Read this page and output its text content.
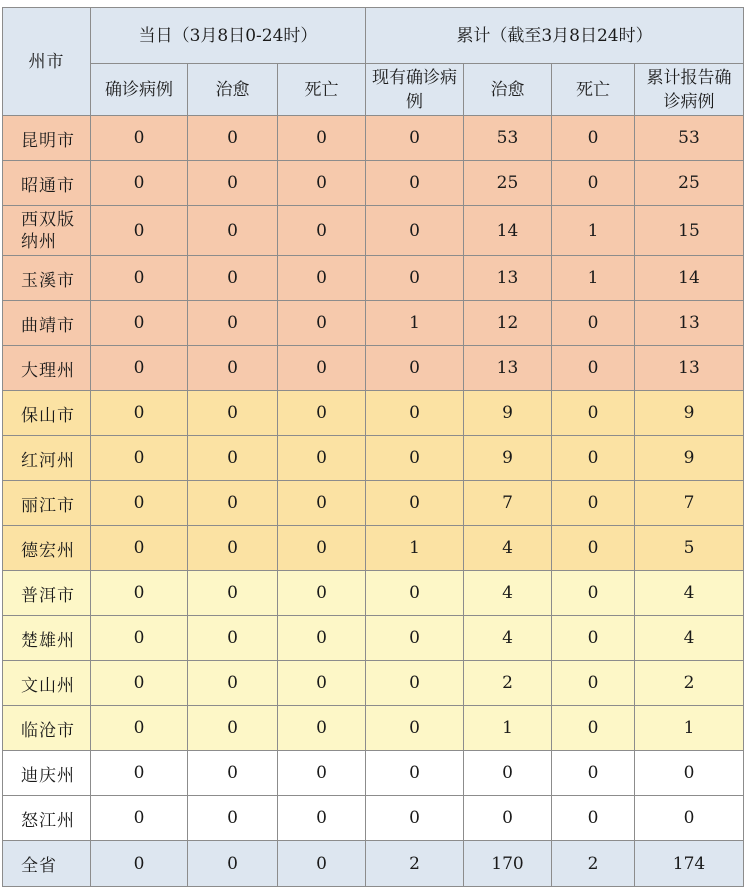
州市	当日（3月8日0-24时）			累计（截至3月8日24时）			
	确诊病例	治愈	死亡	现有确诊病例	治愈	死亡	累计报告确诊病例
昆明市	0	0	0	0	53	0	53
昭通市	0	0	0	0	25	0	25
西双版纳州	0	0	0	0	14	1	15
玉溪市	0	0	0	0	13	1	14
曲靖市	0	0	0	1	12	0	13
大理州	0	0	0	0	13	0	13
保山市	0	0	0	0	9	0	9
红河州	0	0	0	0	9	0	9
丽江市	0	0	0	0	7	0	7
德宏州	0	0	0	1	4	0	5
普洱市	0	0	0	0	4	0	4
楚雄州	0	0	0	0	4	0	4
文山州	0	0	0	0	2	0	2
临沧市	0	0	0	0	1	0	1
迪庆州	0	0	0	0	0	0	0
怒江州	0	0	0	0	0	0	0
全省	0	0	0	2	170	2	174
